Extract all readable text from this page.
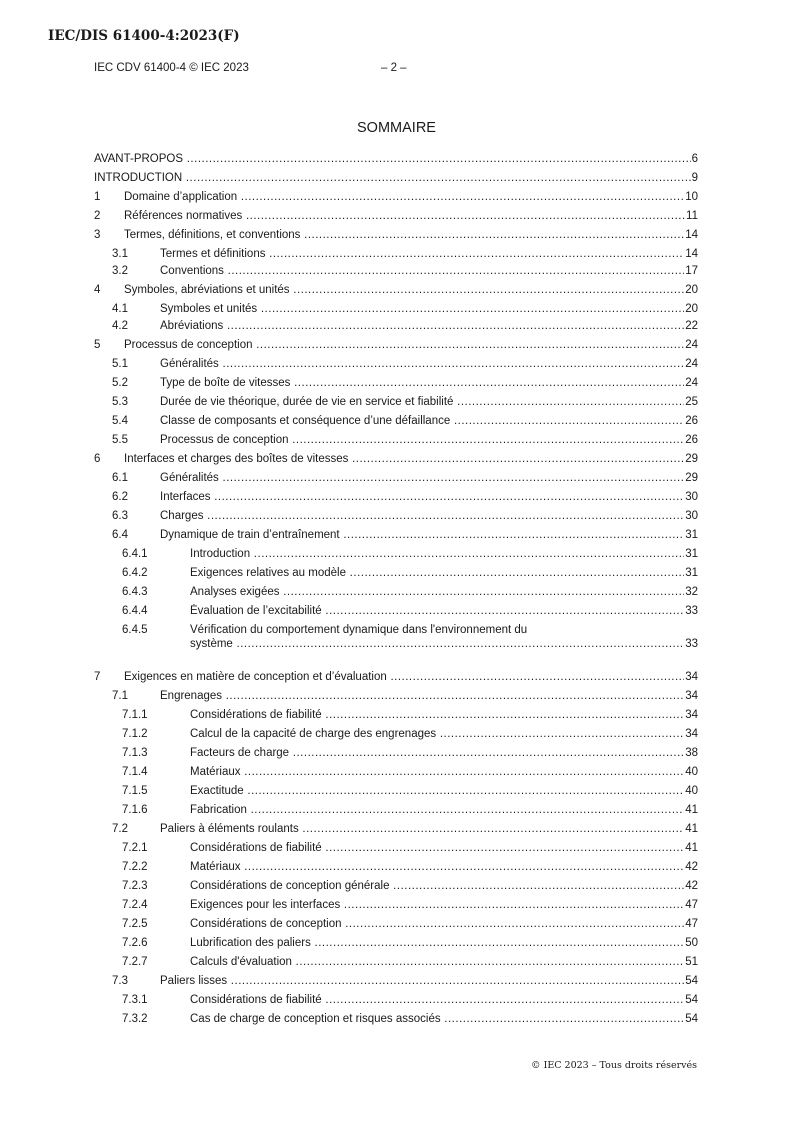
IEC/DIS 61400-4:2023(F)
IEC CDV 61400-4 © IEC 2023	– 2 –
SOMMAIRE
AVANT-PROPOS .....	6
INTRODUCTION .....	9
1	Domaine d’application .....	10
2	Références normatives .....	11
3	Termes, définitions, et conventions .....	14
3.1	Termes et définitions .....	14
3.2	Conventions .....	17
4	Symboles, abréviations et unités .....	20
4.1	Symboles et unités .....	20
4.2	Abréviations .....	22
5	Processus de conception .....	24
5.1	Généralités .....	24
5.2	Type de boîte de vitesses .....	24
5.3	Durée de vie théorique, durée de vie en service et fiabilité .....	25
5.4	Classe de composants et conséquence d’une défaillance .....	26
5.5	Processus de conception .....	26
6	Interfaces et charges des boîtes de vitesses .....	29
6.1	Généralités .....	29
6.2	Interfaces .....	30
6.3	Charges .....	30
6.4	Dynamique de train d’entraînement .....	31
6.4.1	Introduction .....	31
6.4.2	Exigences relatives au modèle .....	31
6.4.3	Analyses exigées .....	32
6.4.4	Évaluation de l’excitabilité .....	33
6.4.5	Vérification du comportement dynamique dans l'environnement du
système .....	33
7	Exigences en matière de conception et d’évaluation .....	34
7.1	Engrenages .....	34
7.1.1	Considérations de fiabilité .....	34
7.1.2	Calcul de la capacité de charge des engrenages .....	34
7.1.3	Facteurs de charge .....	38
7.1.4	Matériaux .....	40
7.1.5	Exactitude .....	40
7.1.6	Fabrication .....	41
7.2	Paliers à éléments roulants .....	41
7.2.1	Considérations de fiabilité .....	41
7.2.2	Matériaux .....	42
7.2.3	Considérations de conception générale .....	42
7.2.4	Exigences pour les interfaces .....	47
7.2.5	Considérations de conception .....	47
7.2.6	Lubrification des paliers .....	50
7.2.7	Calculs d'évaluation .....	51
7.3	Paliers lisses .....	54
7.3.1	Considérations de fiabilité .....	54
7.3.2	Cas de charge de conception et risques associés .....	54
© IEC 2023 – Tous droits réservés
